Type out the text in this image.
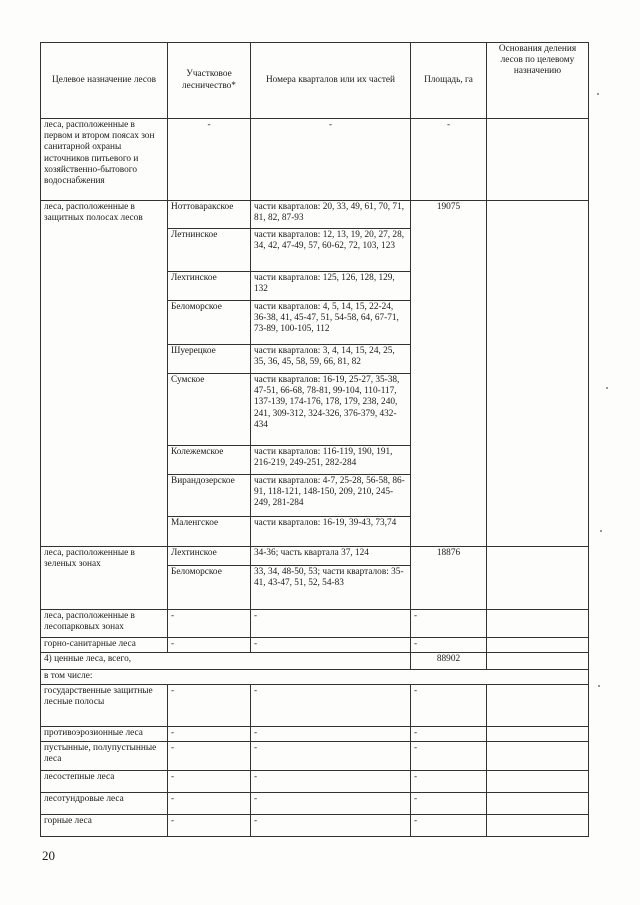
Целевое назначение лесов	Участковое лесничество*	Номера кварталов или их частей	Площадь, га	Основания деления лесов по целевому назначению
леса, расположенные в первом и втором поясах зон санитарной охраны источников питьевого и хозяйственно-бытового водоснабжения	-	-	-	
леса, расположенные в защитных полосах лесов	Ноттоваракское	части кварталов: 20, 33, 49, 61, 70, 71, 81, 82, 87-93	19075	
	Летнинское	части кварталов: 12, 13, 19, 20, 27, 28, 34, 42, 47-49, 57, 60-62, 72, 103, 123		
	Лехтинское	части кварталов: 125, 126, 128, 129, 132		
	Беломорское	части кварталов: 4, 5, 14, 15, 22-24, 36-38, 41, 45-47, 51, 54-58, 64, 67-71, 73-89, 100-105, 112		
	Шуерецкое	части кварталов: 3, 4, 14, 15, 24, 25, 35, 36, 45, 58, 59, 66, 81, 82		
	Сумское	части кварталов: 16-19, 25-27, 35-38, 47-51, 66-68, 78-81, 99-104, 110-117, 137-139, 174-176, 178, 179, 238, 240, 241, 309-312, 324-326, 376-379, 432-434		
	Колежемское	части кварталов: 116-119, 190, 191, 216-219, 249-251, 282-284		
	Вирандозерское	части кварталов: 4-7, 25-28, 56-58, 86-91, 118-121, 148-150, 209, 210, 245-249, 281-284		
	Маленгское	части кварталов: 16-19, 39-43, 73,74		
леса, расположенные в зеленых зонах	Лехтинское	34-36; часть квартала 37, 124	18876	
	Беломорское	33, 34, 48-50, 53; части кварталов: 35-41, 43-47, 51, 52, 54-83		
леса, расположенные в лесопарковых зонах	-	-	-	
горно-санитарные леса	-	-	-	
4) ценные леса, всего,			88902	
в том числе:				
государственные защитные лесные полосы	-	-	-	
противоэрозионные леса	-	-	-	
пустынные, полупустынные леса	-	-	-	
лесостепные леса	-	-	-	
лесотундровые леса	-	-	-	
горные леса	-	-	-	
20
